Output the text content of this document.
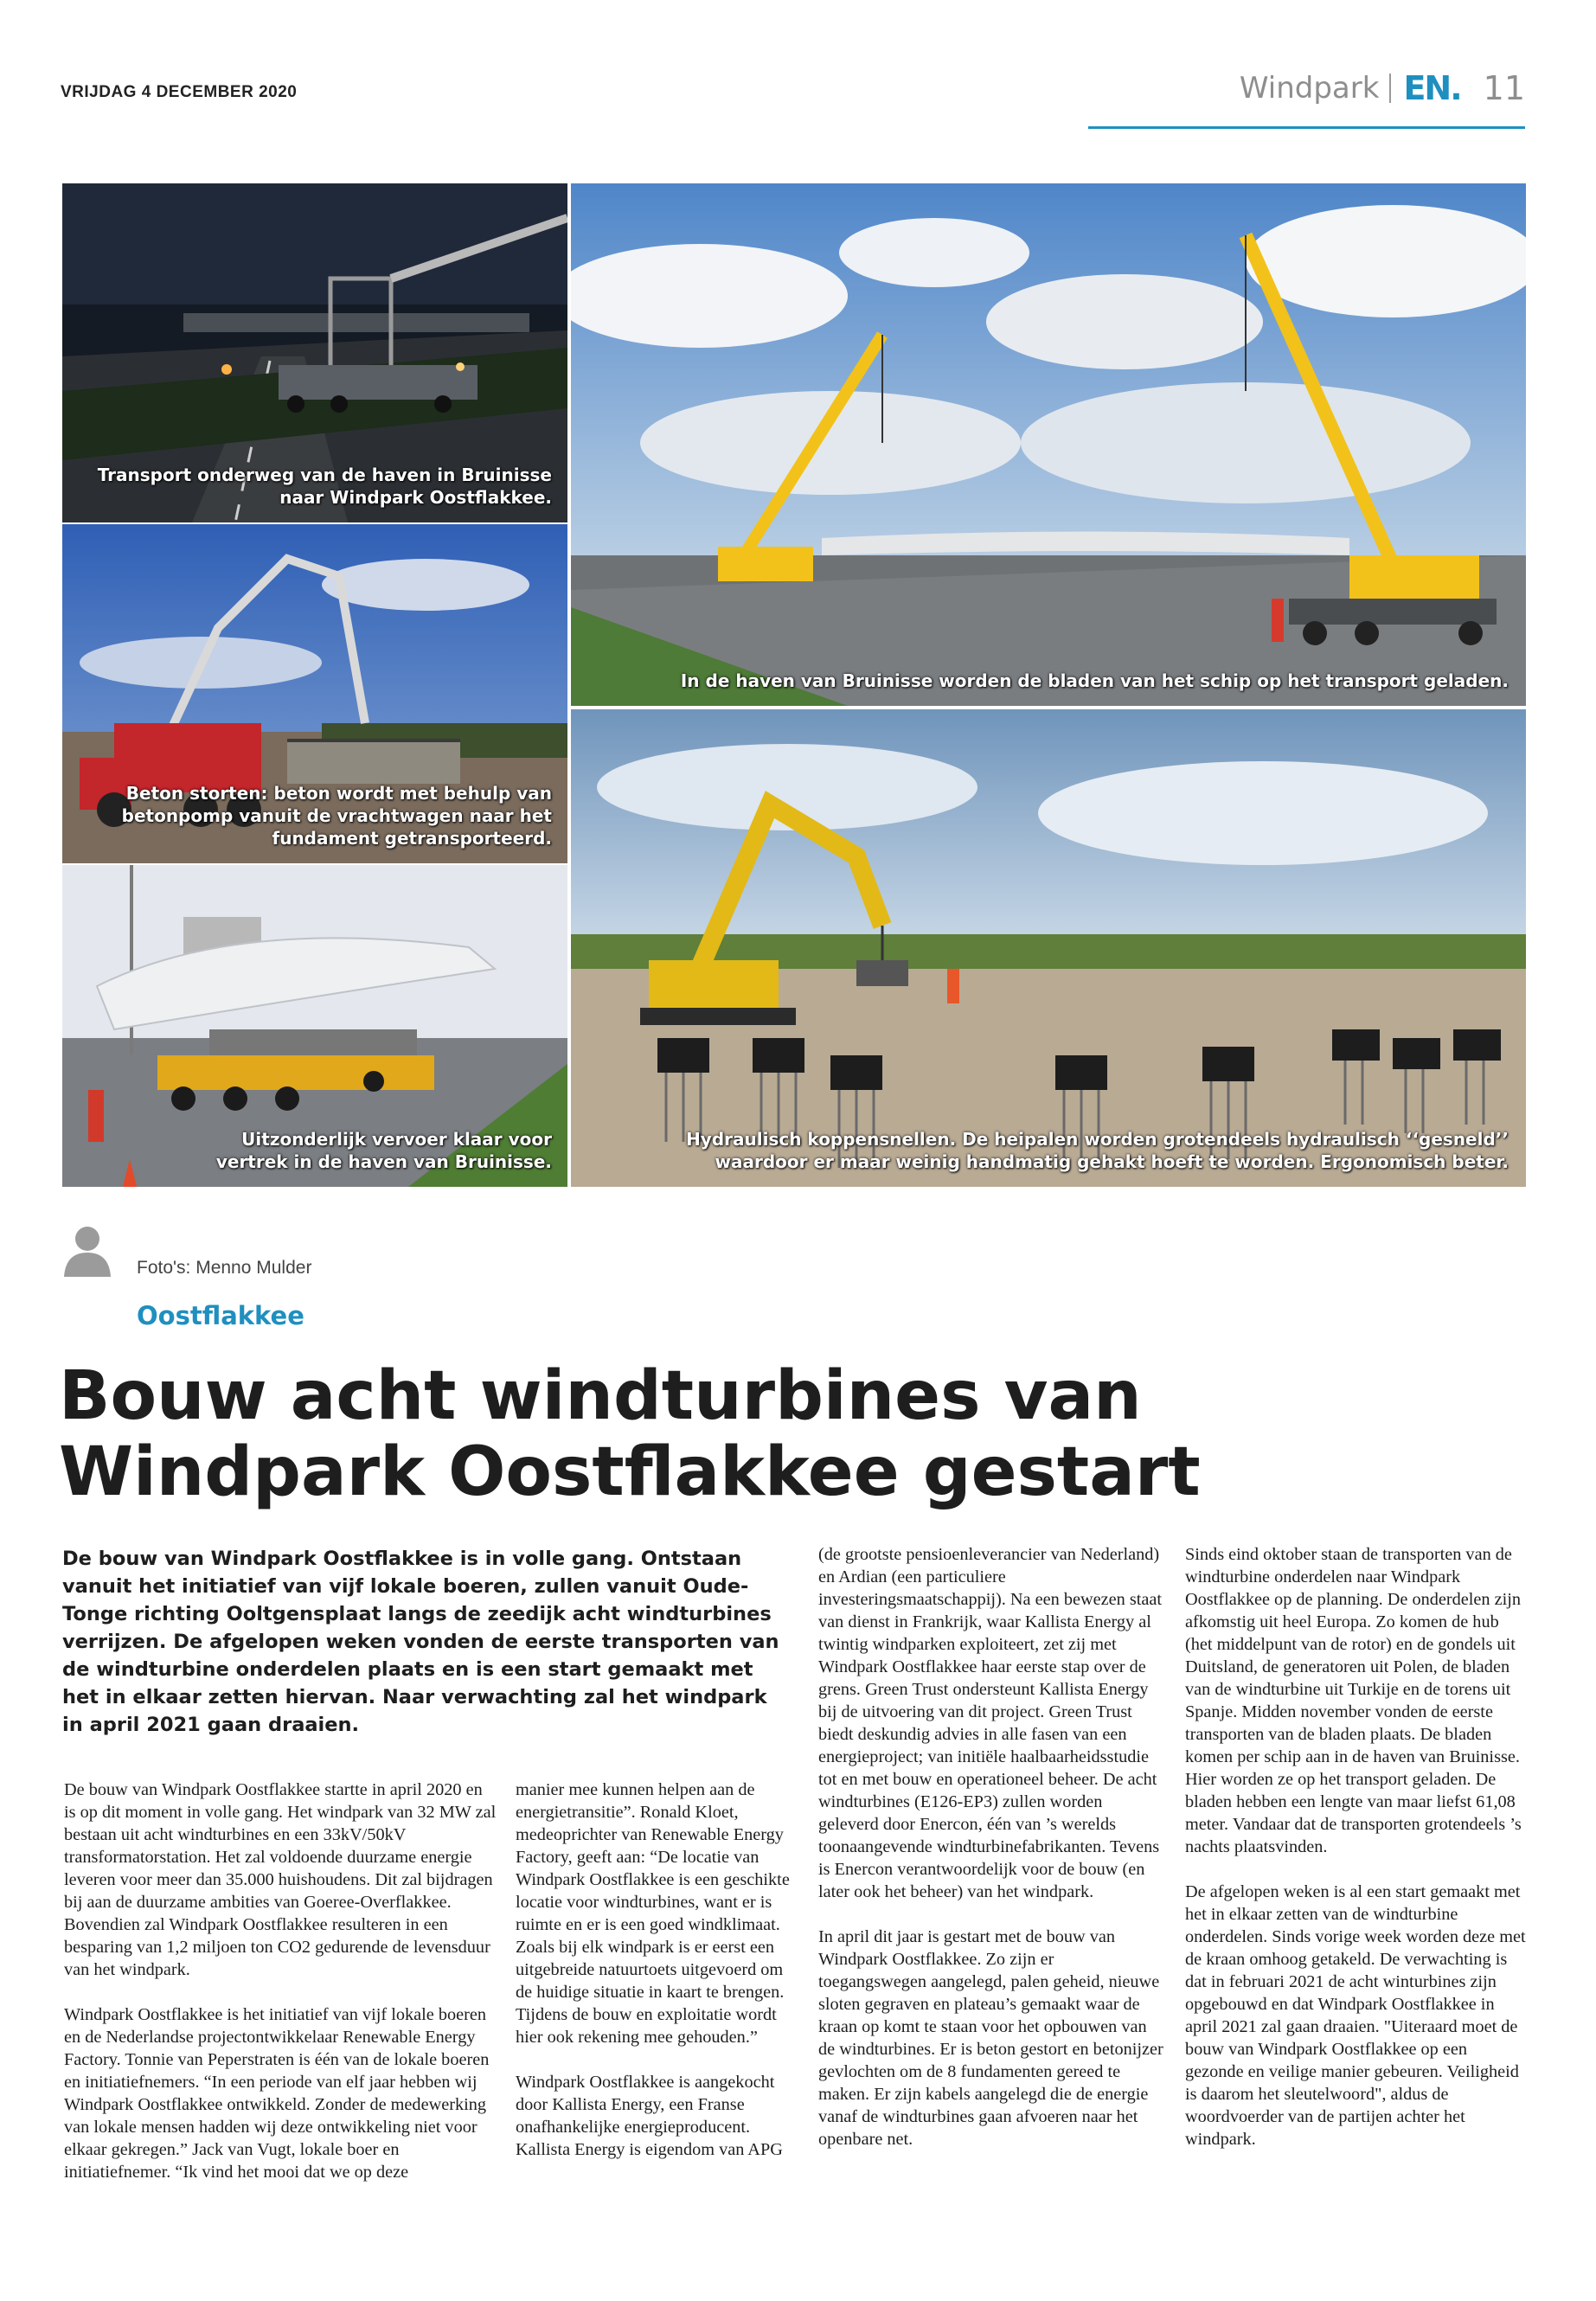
VRIJDAG 4 DECEMBER 2020	Windpark EN. 11
Transport onderweg van de haven in Bruinisse
naar Windpark Oostflakkee.
In de haven van Bruinisse worden de bladen van het schip op het transport geladen.
Beton storten: beton wordt met behulp van
betonpomp vanuit de vrachtwagen naar het
fundament getransporteerd.
Hydraulisch koppensnellen. De heipalen worden grotendeels hydraulisch ‘‘gesneld’’
waardoor er maar weinig handmatig gehakt hoeft te worden. Ergonomisch beter.
Uitzonderlijk vervoer klaar voor
vertrek in de haven van Bruinisse.
Foto's: Menno Mulder
Oostflakkee
Bouw acht windturbines van
Windpark Oostflakkee gestart

De bouw van Windpark Oostflakkee is in volle gang. Ontstaan vanuit het initiatief van vijf lokale boeren, zullen vanuit Oude-Tonge richting Ooltgensplaat langs de zeedijk acht windturbines verrijzen. De afgelopen weken vonden de eerste transporten van de windturbine onderdelen plaats en is een start gemaakt met het in elkaar zetten hiervan. Naar verwachting zal het windpark in april 2021 gaan draaien.

De bouw van Windpark Oostflakkee startte in april 2020 en is op dit moment in volle gang. Het windpark van 32 MW zal bestaan uit acht windturbines en een 33kV/50kV transformatorstation. Het zal voldoende duurzame energie leveren voor meer dan 35.000 huishoudens. Dit zal bijdragen bij aan de duurzame ambities van Goeree-Overflakkee. Bovendien zal Windpark Oostflakkee resulteren in een besparing van 1,2 miljoen ton CO2 gedurende de levensduur van het windpark.

Windpark Oostflakkee is het initiatief van vijf lokale boeren en de Nederlandse projectontwikkelaar Renewable Energy Factory. Tonnie van Peperstraten is één van de lokale boeren en initiatiefnemers. “In een periode van elf jaar hebben wij Windpark Oostflakkee ontwikkeld. Zonder de medewerking van lokale mensen hadden wij deze ontwikkeling niet voor elkaar gekregen.” Jack van Vugt, lokale boer en initiatiefnemer. “Ik vind het mooi dat we op deze

manier mee kunnen helpen aan de energietransitie”. Ronald Kloet, medeoprichter van Renewable Energy Factory, geeft aan: “De locatie van Windpark Oostflakkee is een geschikte locatie voor windturbines, want er is ruimte en er is een goed windklimaat. Zoals bij elk windpark is er eerst een uitgebreide natuurtoets uitgevoerd om de huidige situatie in kaart te brengen. Tijdens de bouw en exploitatie wordt hier ook rekening mee gehouden.”

Windpark Oostflakkee is aangekocht door Kallista Energy, een Franse onafhankelijke energieproducent. Kallista Energy is eigendom van APG

(de grootste pensioenleverancier van Nederland) en Ardian (een particuliere investeringsmaatschappij). Na een bewezen staat van dienst in Frankrijk, waar Kallista Energy al twintig windparken exploiteert, zet zij met Windpark Oostflakkee haar eerste stap over de grens. Green Trust ondersteunt Kallista Energy bij de uitvoering van dit project. Green Trust biedt deskundig advies in alle fasen van een energieproject; van initiële haalbaarheidsstudie tot en met bouw en operationeel beheer. De acht windturbines (E126-EP3) zullen worden geleverd door Enercon, één van ’s werelds toonaangevende windturbinefabrikanten. Tevens is Enercon verantwoordelijk voor de bouw (en later ook het beheer) van het windpark.

In april dit jaar is gestart met de bouw van Windpark Oostflakkee. Zo zijn er toegangswegen aangelegd, palen geheid, nieuwe sloten gegraven en plateau’s gemaakt waar de kraan op komt te staan voor het opbouwen van de windturbines. Er is beton gestort en betonijzer gevlochten om de 8 fundamenten gereed te maken. Er zijn kabels aangelegd die de energie vanaf de windturbines gaan afvoeren naar het openbare net.

Sinds eind oktober staan de transporten van de windturbine onderdelen naar Windpark Oostflakkee op de planning. De onderdelen zijn afkomstig uit heel Europa. Zo komen de hub (het middelpunt van de rotor) en de gondels uit Duitsland, de generatoren uit Polen, de bladen van de windturbine uit Turkije en de torens uit Spanje. Midden november vonden de eerste transporten van de bladen plaats. De bladen komen per schip aan in de haven van Bruinisse. Hier worden ze op het transport geladen. De bladen hebben een lengte van maar liefst 61,08 meter. Vandaar dat de transporten grotendeels ’s nachts plaatsvinden.

De afgelopen weken is al een start gemaakt met het in elkaar zetten van de windturbine onderdelen. Sinds vorige week worden deze met de kraan omhoog getakeld. De verwachting is dat in februari 2021 de acht winturbines zijn opgebouwd en dat Windpark Oostflakkee in april 2021 zal gaan draaien. "Uiteraard moet de bouw van Windpark Oostflakkee op een gezonde en veilige manier gebeuren. Veiligheid is daarom het sleutelwoord", aldus de woordvoerder van de partijen achter het windpark.
